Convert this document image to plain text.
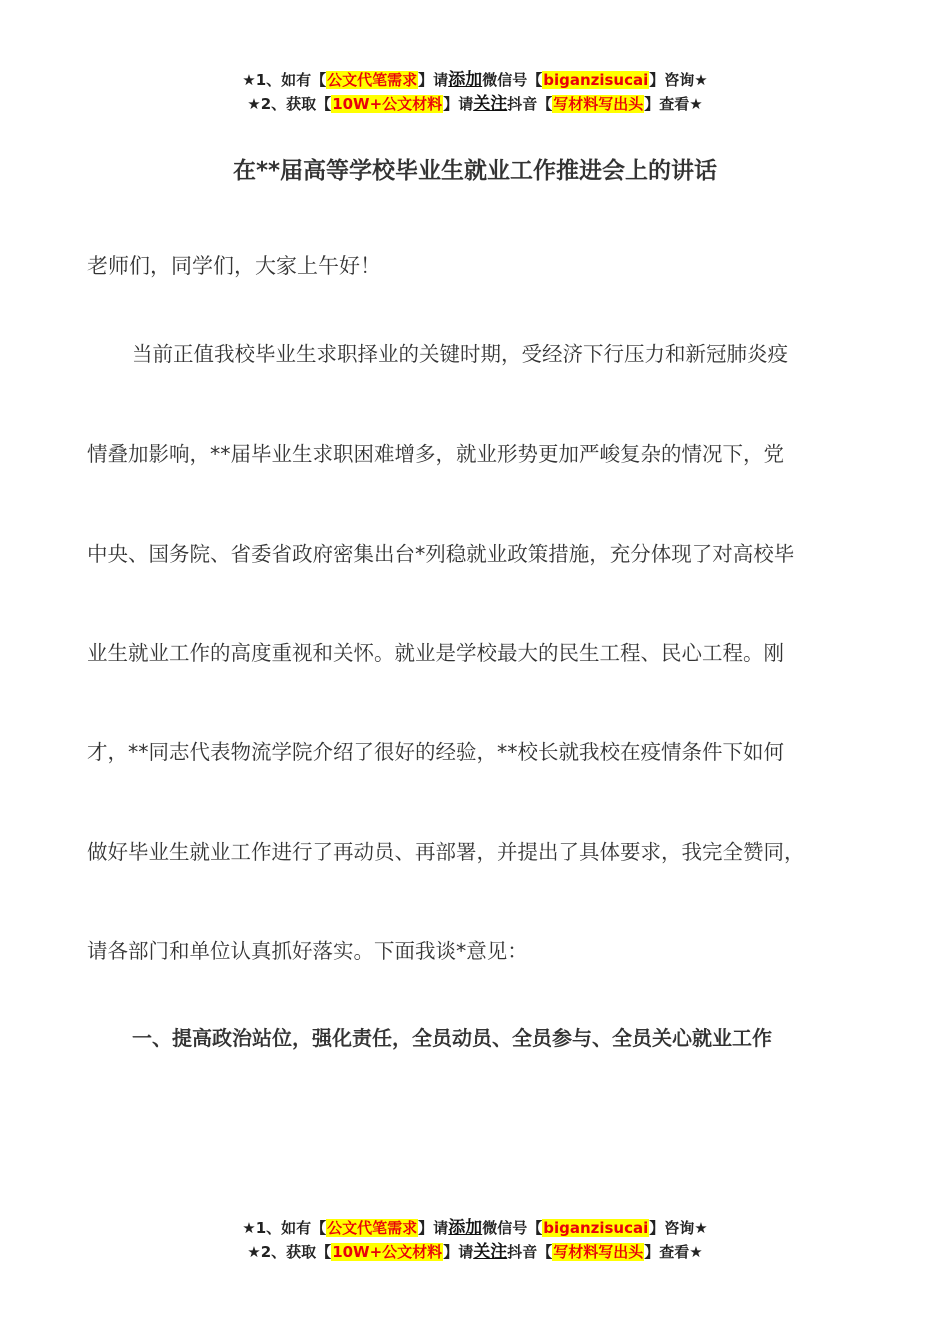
★1、如有【公文代笔需求】请添加微信号【biganzisucai】咨询★
★2、获取【10W+公文材料】请关注抖音【写材料写出头】查看★
在**届高等学校毕业生就业工作推进会上的讲话
老师们，同学们，大家上午好！
当前正值我校毕业生求职择业的关键时期，受经济下行压力和新冠肺炎疫
情叠加影响，**届毕业生求职困难增多，就业形势更加严峻复杂的情况下，党
中央、国务院、省委省政府密集出台*列稳就业政策措施，充分体现了对高校毕
业生就业工作的高度重视和关怀。就业是学校最大的民生工程、民心工程。刚
才，**同志代表物流学院介绍了很好的经验，**校长就我校在疫情条件下如何
做好毕业生就业工作进行了再动员、再部署，并提出了具体要求，我完全赞同，
请各部门和单位认真抓好落实。下面我谈*意见：
一、提高政治站位，强化责任，全员动员、全员参与、全员关心就业工作
★1、如有【公文代笔需求】请添加微信号【biganzisucai】咨询★
★2、获取【10W+公文材料】请关注抖音【写材料写出头】查看★
